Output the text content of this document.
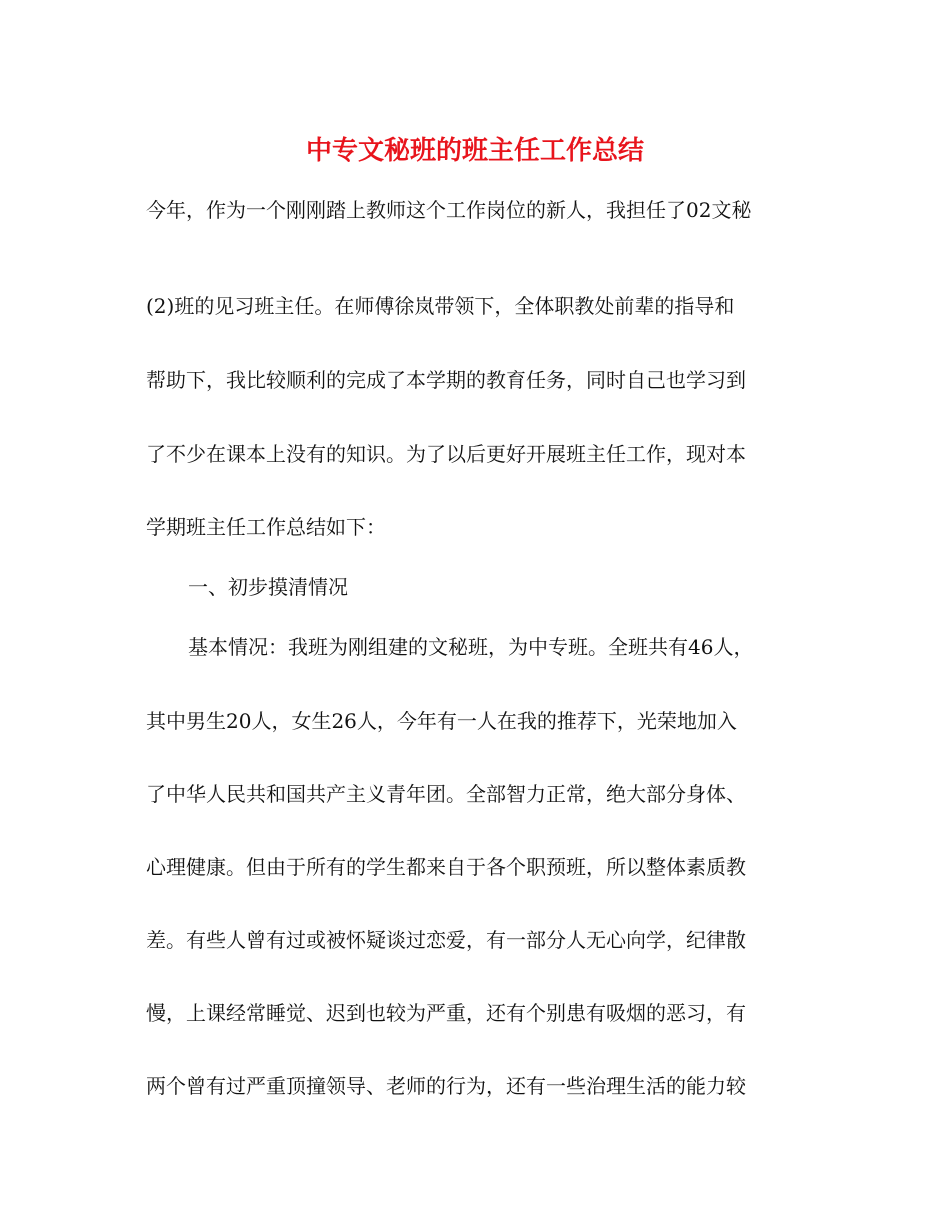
中专文秘班的班主任工作总结
今年，作为一个刚刚踏上教师这个工作岗位的新人，我担任了02文秘
(2)班的见习班主任。在师傅徐岚带领下，全体职教处前辈的指导和
帮助下，我比较顺利的完成了本学期的教育任务，同时自己也学习到
了不少在课本上没有的知识。为了以后更好开展班主任工作，现对本
学期班主任工作总结如下：
一、初步摸清情况
基本情况：我班为刚组建的文秘班，为中专班。全班共有46人，
其中男生20人，女生26人，今年有一人在我的推荐下，光荣地加入
了中华人民共和国共产主义青年团。全部智力正常，绝大部分身体、
心理健康。但由于所有的学生都来自于各个职预班，所以整体素质教
差。有些人曾有过或被怀疑谈过恋爱，有一部分人无心向学，纪律散
慢，上课经常睡觉、迟到也较为严重，还有个别患有吸烟的恶习，有
两个曾有过严重顶撞领导、老师的行为，还有一些治理生活的能力较
